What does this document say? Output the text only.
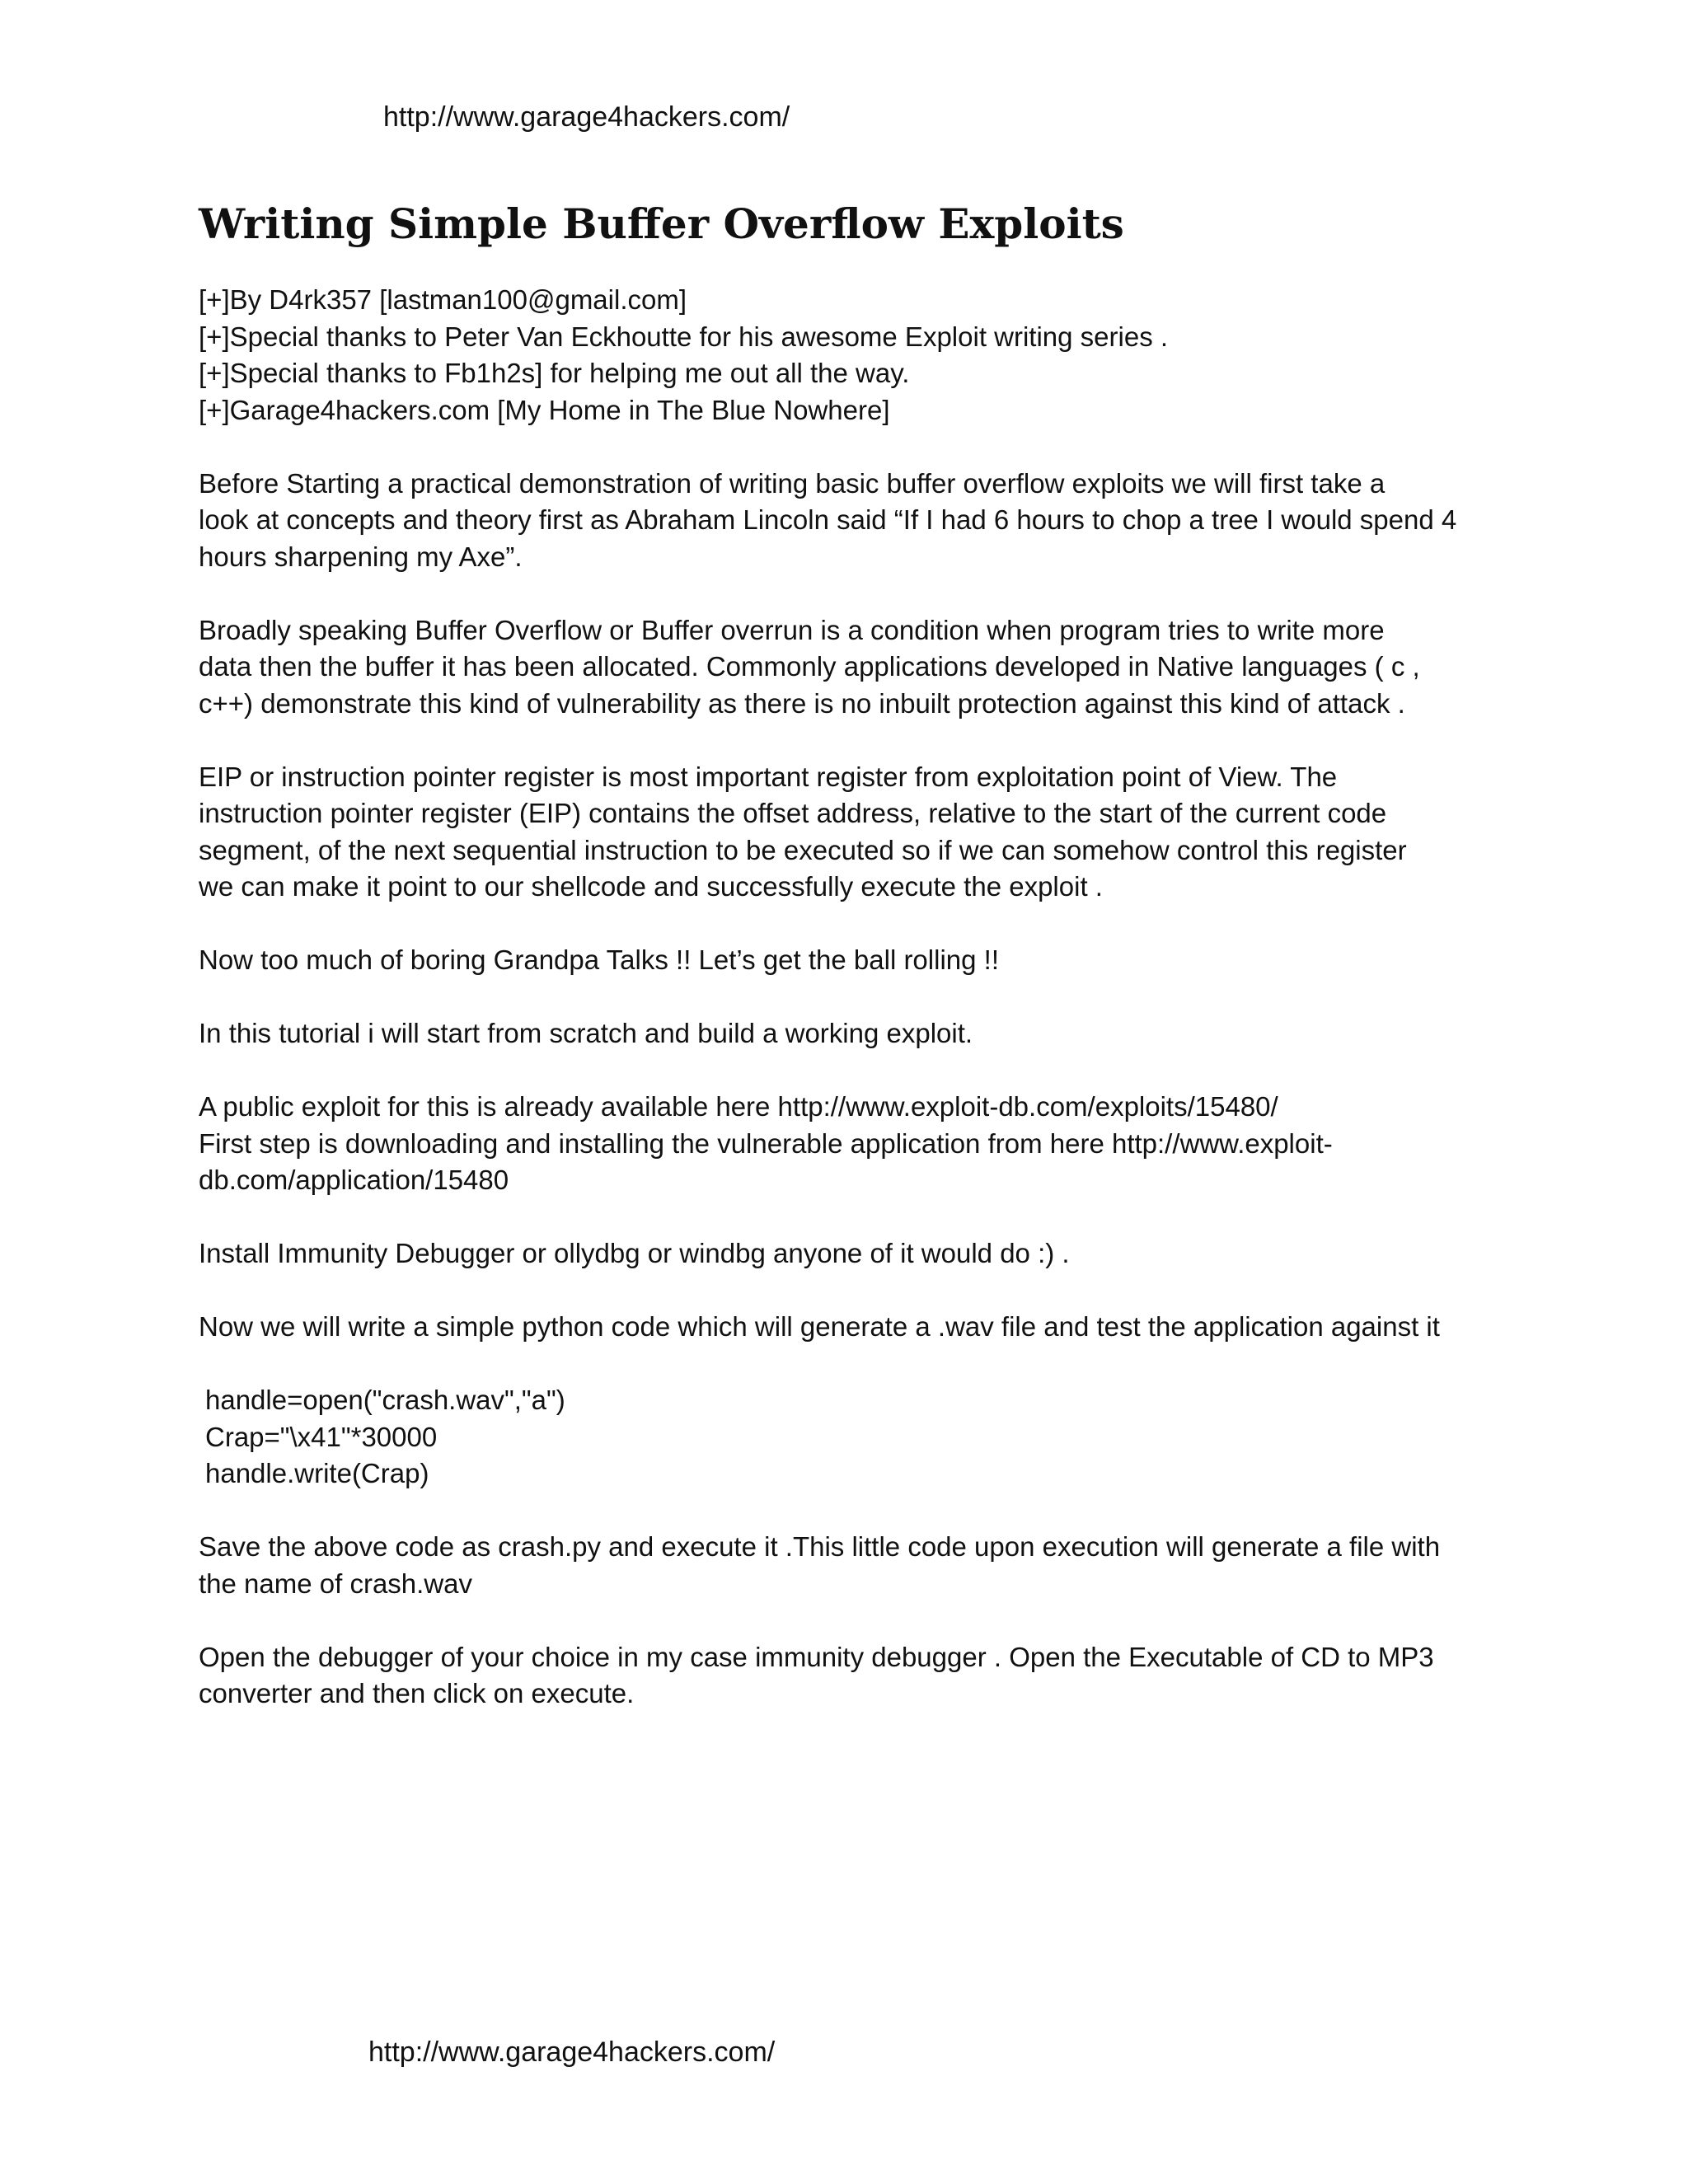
http://www.garage4hackers.com/
Writing Simple Buffer Overflow Exploits
[+]By D4rk357 [lastman100@gmail.com]
[+]Special thanks to Peter Van Eckhoutte for his awesome Exploit writing series .
[+]Special thanks to Fb1h2s] for helping me out all the way.
[+]Garage4hackers.com [My Home in The Blue Nowhere]
Before Starting a practical demonstration of writing basic buffer overflow exploits we will first take a
look at concepts and theory first as Abraham Lincoln said “If I had 6 hours to chop a tree I would spend 4
hours sharpening my Axe”.
Broadly speaking Buffer Overflow or Buffer overrun is a condition when program tries to write more
data then the buffer it has been allocated. Commonly applications developed in Native languages ( c ,
c++) demonstrate this kind of vulnerability as there is no inbuilt protection against this kind of attack .
EIP or instruction pointer register is most important register from exploitation point of View. The
instruction pointer register (EIP) contains the offset address, relative to the start of the current code
segment, of the next sequential instruction to be executed so if we can somehow control this register
we can make it point to our shellcode and successfully execute the exploit .
Now too much of boring Grandpa Talks !! Let’s get the ball rolling !!
In this tutorial i will start from scratch and build a working exploit.
A public exploit for this is already available here http://www.exploit-db.com/exploits/15480/
First step is downloading and installing the vulnerable application from here http://www.exploit-
db.com/application/15480
Install Immunity Debugger or ollydbg or windbg anyone of it would do :) .
Now we will write a simple python code which will generate a .wav file and test the application against it
handle=open("crash.wav","a")
Crap="\x41"*30000
handle.write(Crap)
Save the above code as crash.py and execute it .This little code upon execution will generate a file with
the name of crash.wav
Open the debugger of your choice in my case immunity debugger . Open the Executable of CD to MP3
converter and then click on execute.
http://www.garage4hackers.com/
